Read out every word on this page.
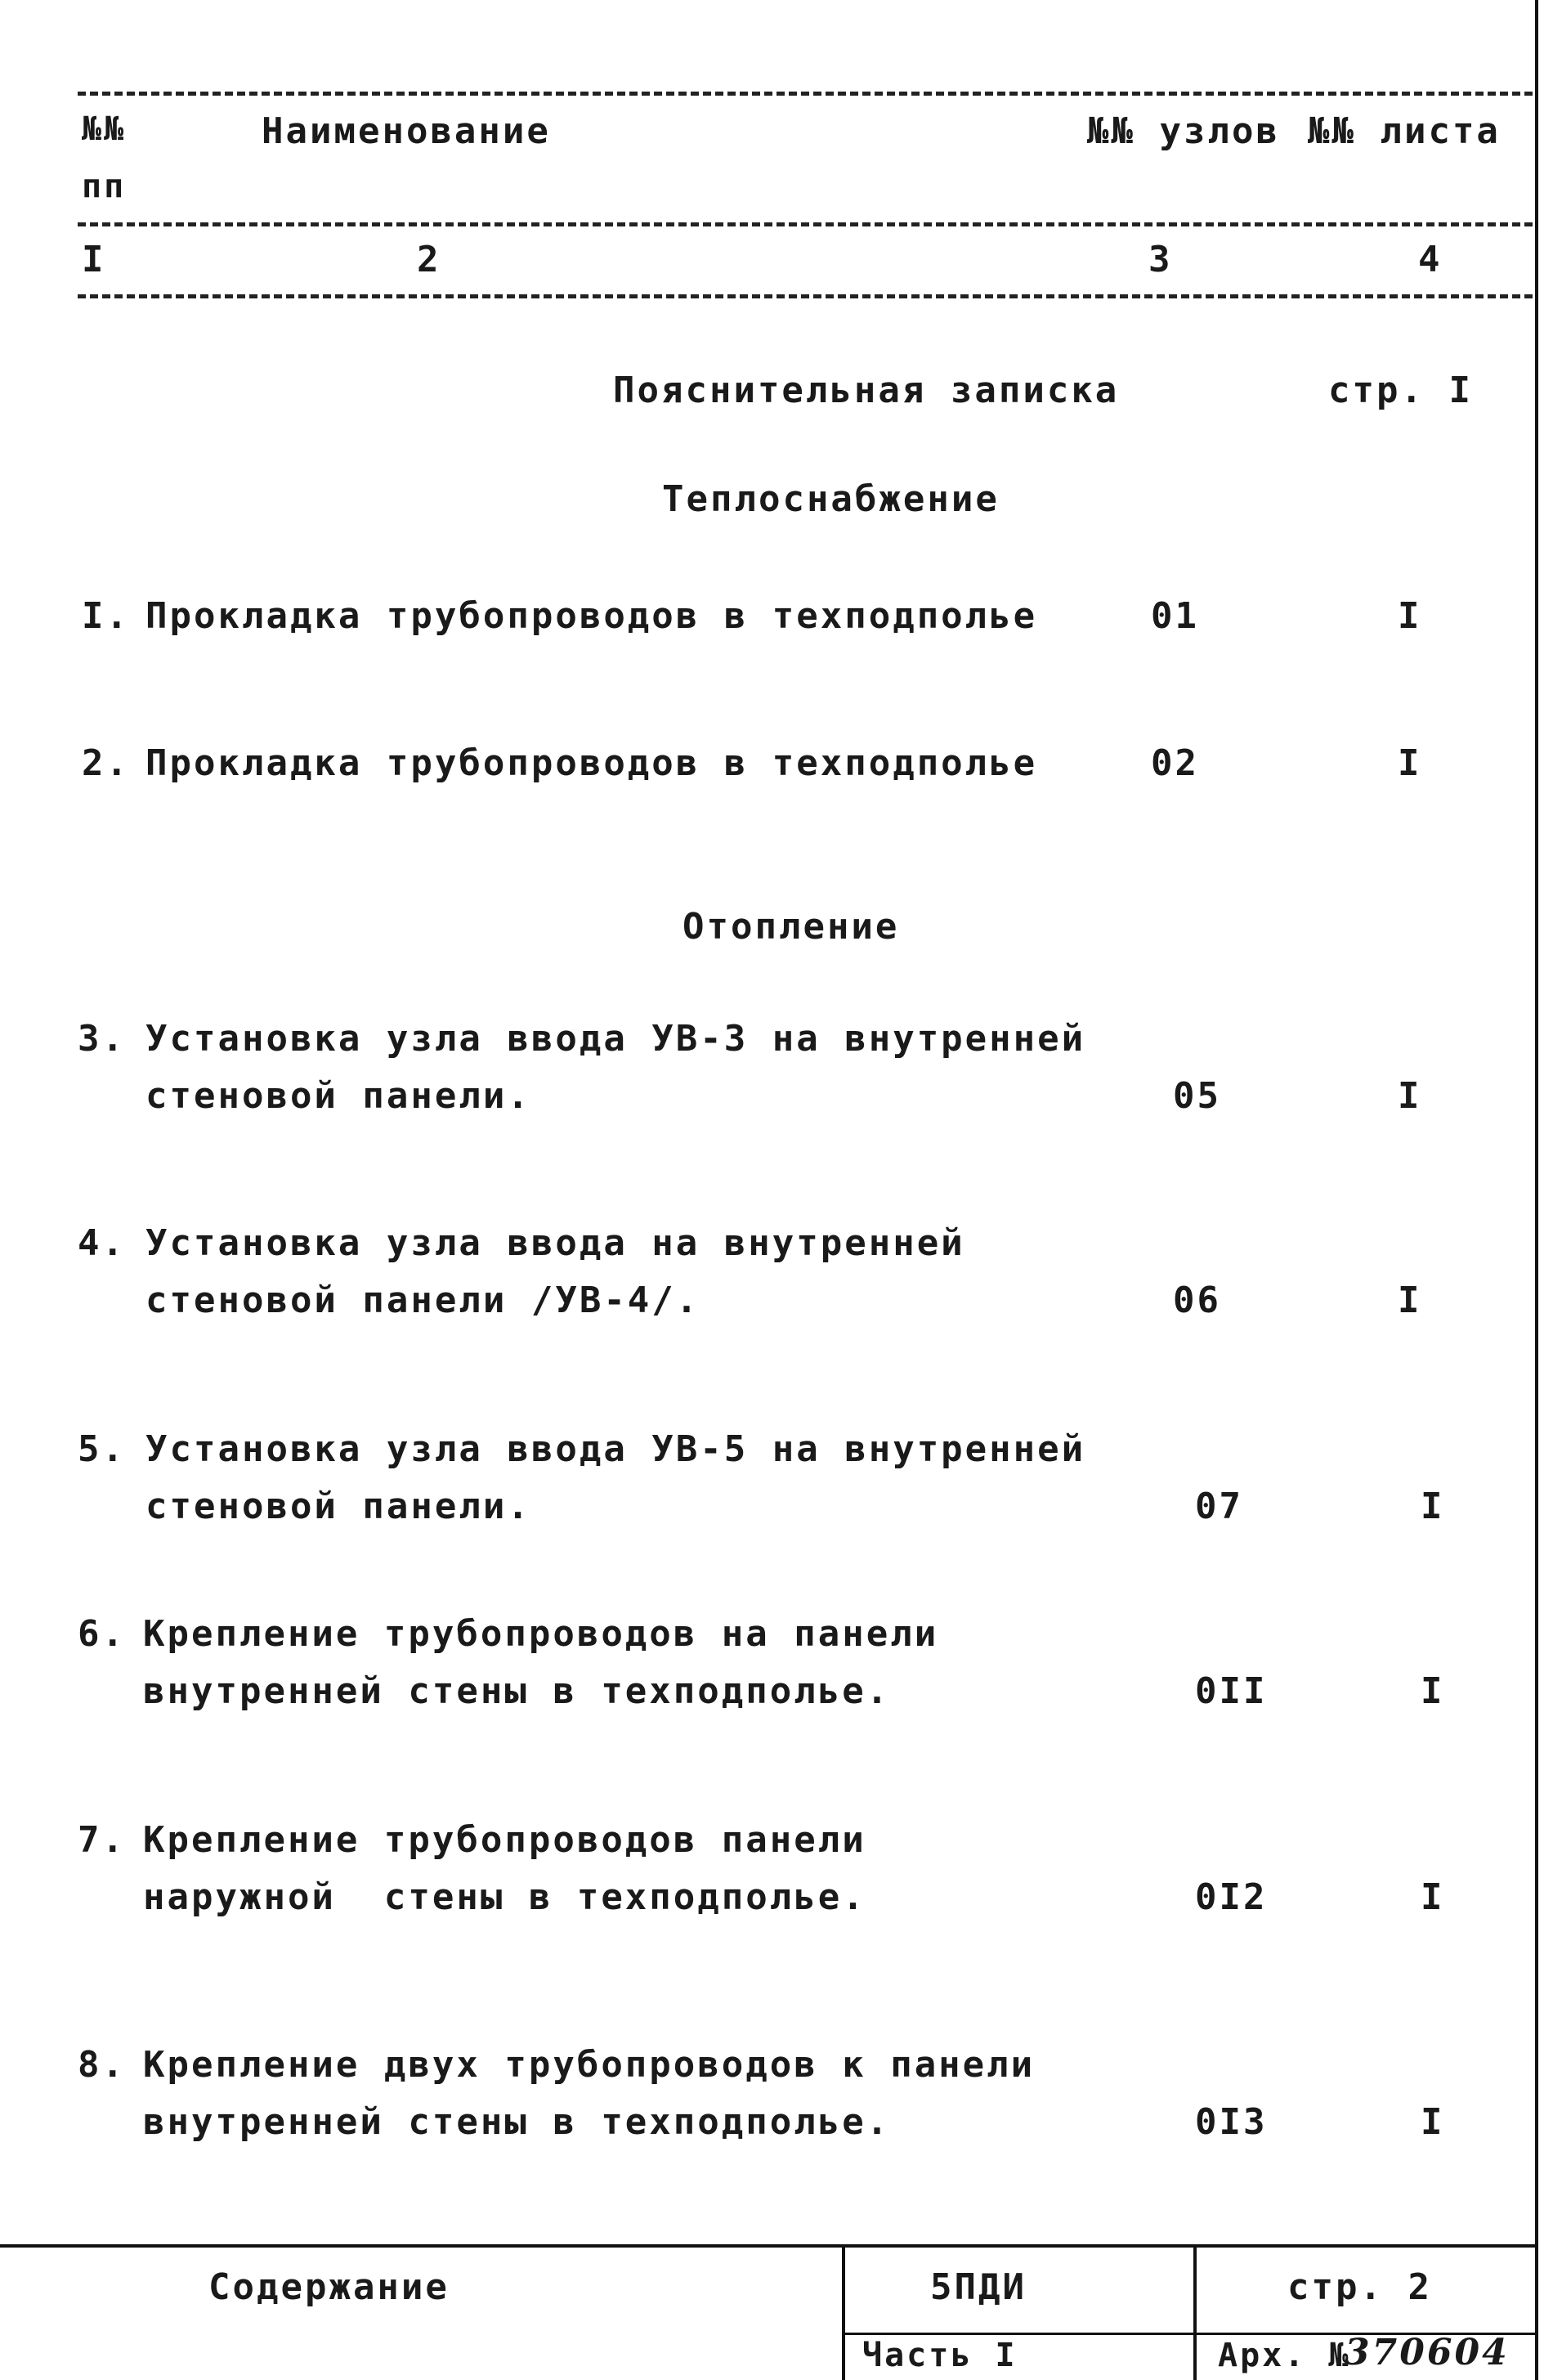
№№
пп
Наименование	№№ узлов №№ листа
I	2	3	4
Пояснительная записка	стр. I
Теплоснабжение
I. Прокладка трубопроводов в техподполье	01	I
2. Прокладка трубопроводов в техподполье	02	I
Отопление
3. Установка узла ввода УВ-3 на внутренней
стеновой панели.	05	I
4. Установка узла ввода на внутренней
стеновой панели /УВ-4/.	06	I
5. Установка узла ввода УВ-5 на внутренней
стеновой панели.	07	I
6. Крепление трубопроводов на панели
внутренней стены в техподполье.	0II	I
7. Крепление трубопроводов панели
наружной  стены в техподполье.	0I2	I
8. Крепление двух трубопроводов к панели
внутренней стены в техподполье.	0I3	I
Содержание	5ПДИ	стр. 2
Часть I	Арх. №
370604
